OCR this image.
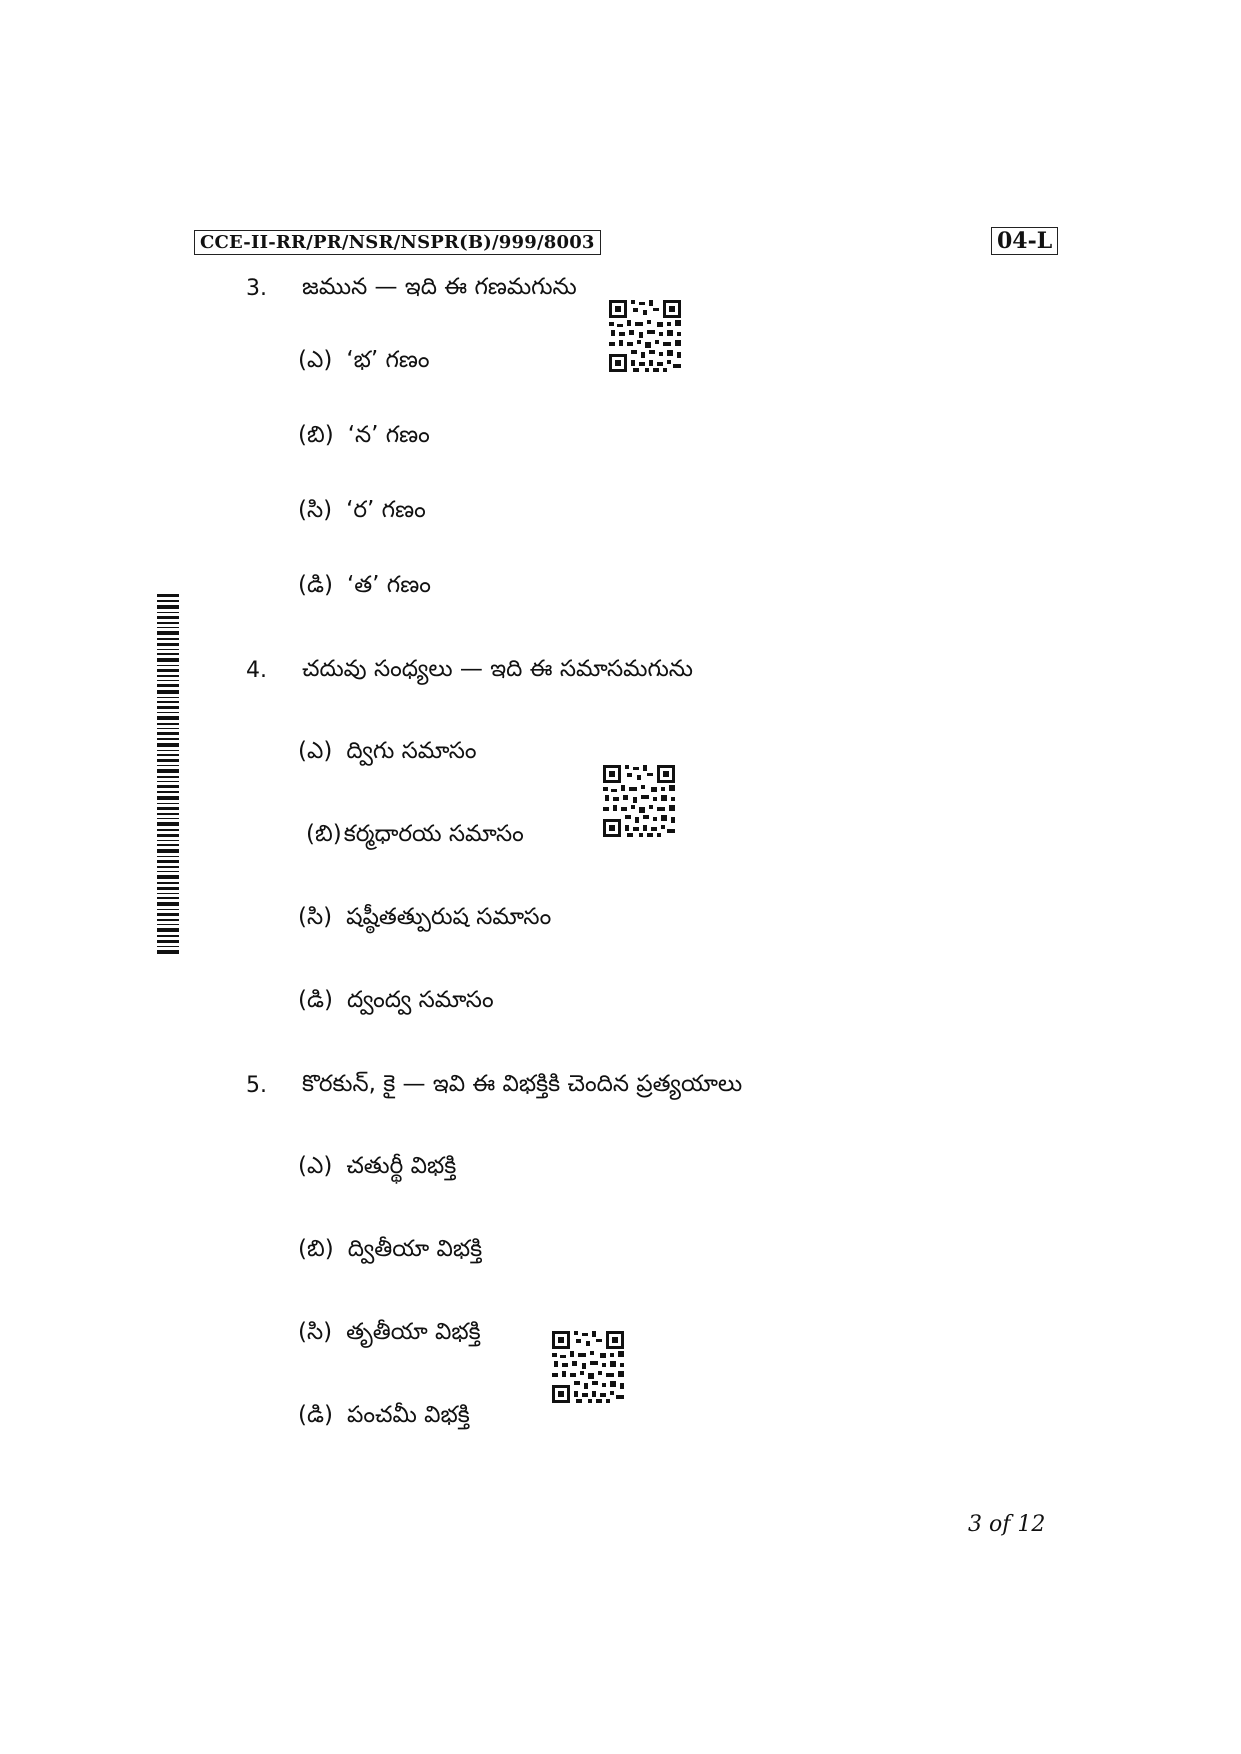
CCE-II-RR/PR/NSR/NSPR(B)/999/8003	04-L
3. జమున — ఇది ఈ గణమగును
(ఎ) ‘భ’ గణం
(బి) ‘న’ గణం
(సి) ‘ర’ గణం
(డి) ‘త’ గణం
4. చదువు సంధ్యలు — ఇది ఈ సమాసమగును
(ఎ) ద్విగు సమాసం
(బి)కర్మధారయ సమాసం
(సి) షష్ఠీతత్పురుష సమాసం
(డి) ద్వంద్వ సమాసం
5. కొరకున్, కై — ఇవి ఈ విభక్తికి చెందిన ప్రత్యయాలు
(ఎ) చతుర్థీ విభక్తి
(బి) ద్వితీయా విభక్తి
(సి) తృతీయా విభక్తి
(డి) పంచమీ విభక్తి
3 of 12
